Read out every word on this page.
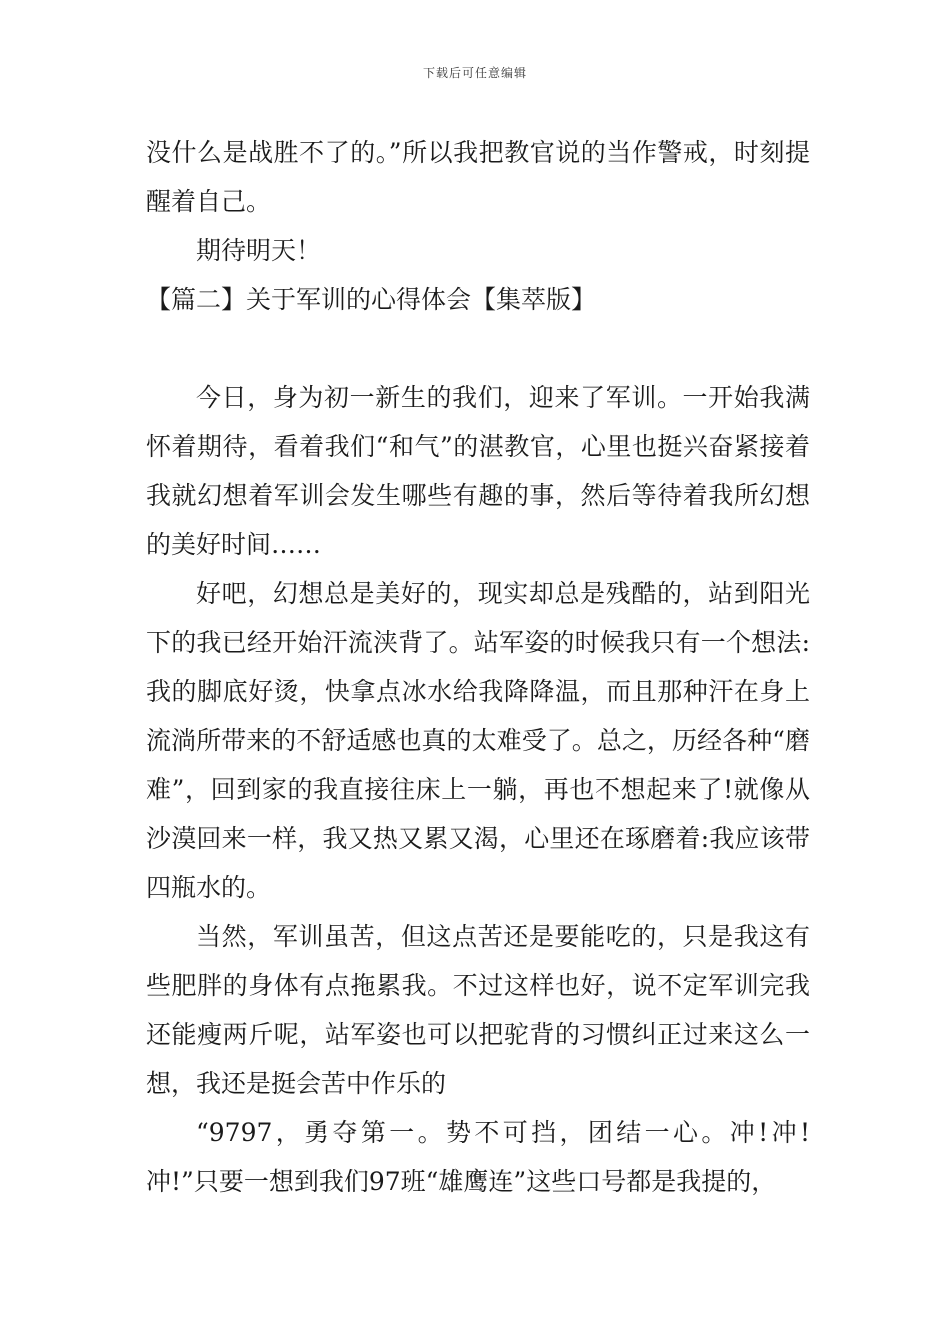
下载后可任意编辑

没什么是战胜不了的。”所以我把教官说的当作警戒，时刻提醒着自己。

期待明天！

【篇二】关于军训的心得体会【集萃版】

今日，身为初一新生的我们，迎来了军训。一开始我满怀着期待，看着我们“和气”的湛教官，心里也挺兴奋紧接着我就幻想着军训会发生哪些有趣的事，然后等待着我所幻想的美好时间……

好吧，幻想总是美好的，现实却总是残酷的，站到阳光下的我已经开始汗流浃背了。站军姿的时候我只有一个想法:我的脚底好烫，快拿点冰水给我降降温，而且那种汗在身上流淌所带来的不舒适感也真的太难受了。总之，历经各种“磨难”，回到家的我直接往床上一躺，再也不想起来了!就像从沙漠回来一样，我又热又累又渴，心里还在琢磨着:我应该带四瓶水的。

当然，军训虽苦，但这点苦还是要能吃的，只是我这有些肥胖的身体有点拖累我。不过这样也好，说不定军训完我还能瘦两斤呢，站军姿也可以把驼背的习惯纠正过来这么一想，我还是挺会苦中作乐的

“9797，勇夺第一。势不可挡，团结一心。冲!冲!冲!”只要一想到我们97班“雄鹰连”这些口号都是我提的，
